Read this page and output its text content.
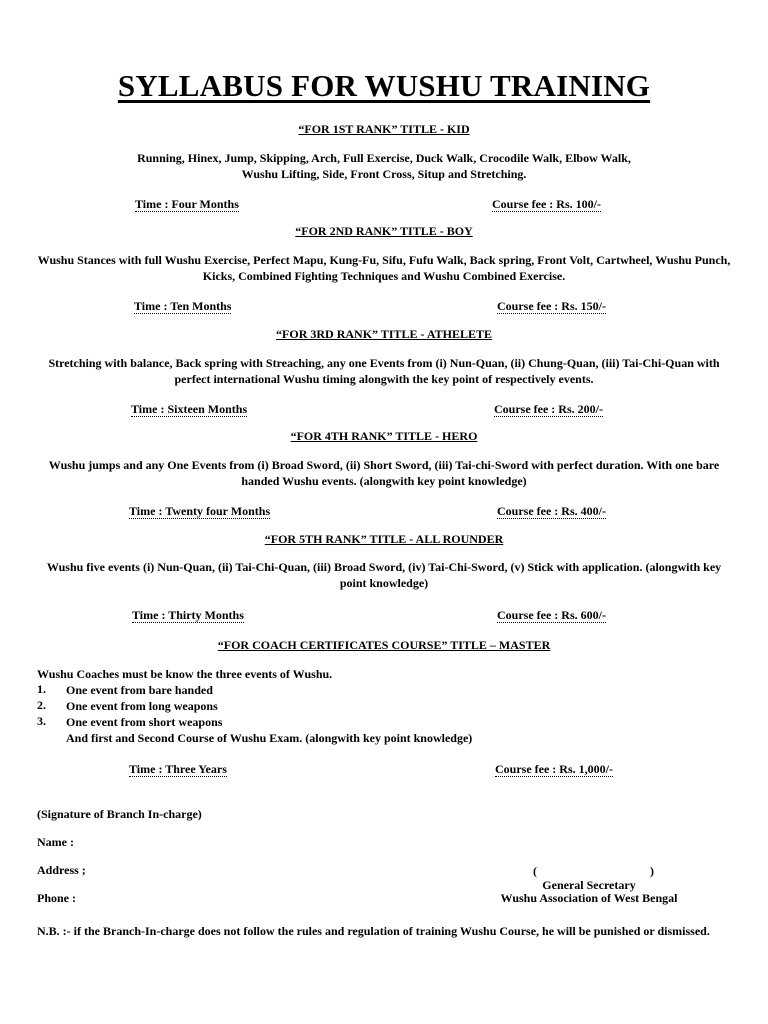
SYLLABUS FOR WUSHU TRAINING
“FOR 1ST RANK” TITLE - KID
Running, Hinex, Jump, Skipping, Arch, Full Exercise, Duck Walk, Crocodile Walk, Elbow Walk, Wushu Lifting, Side, Front Cross, Situp and Stretching.
Time : Four Months	Course fee : Rs. 100/-
“FOR 2ND RANK” TITLE - BOY
Wushu Stances with full Wushu Exercise, Perfect Mapu, Kung-Fu, Sifu, Fufu Walk, Back spring, Front Volt, Cartwheel, Wushu Punch, Kicks, Combined Fighting Techniques and Wushu Combined Exercise.
Time : Ten Months	Course fee : Rs. 150/-
“FOR 3RD RANK” TITLE - ATHELETE
Stretching with balance, Back spring with Streaching, any one Events from (i) Nun-Quan, (ii) Chung-Quan, (iii) Tai-Chi-Quan with perfect international Wushu timing alongwith the key point of respectively events.
Time : Sixteen Months	Course fee : Rs. 200/-
“FOR 4TH RANK” TITLE - HERO
Wushu jumps and any One Events from (i) Broad Sword, (ii) Short Sword, (iii) Tai-chi-Sword with perfect duration. With one bare handed Wushu events. (alongwith key point knowledge)
Time : Twenty four Months	Course fee : Rs. 400/-
“FOR 5TH RANK” TITLE - ALL ROUNDER
Wushu five events (i) Nun-Quan, (ii) Tai-Chi-Quan, (iii) Broad Sword, (iv) Tai-Chi-Sword, (v) Stick with application. (alongwith key point knowledge)
Time : Thirty Months	Course fee : Rs. 600/-
“FOR COACH CERTIFICATES COURSE” TITLE – MASTER
Wushu Coaches must be know the three events of Wushu.
1. One event from bare handed
2. One event from long weapons
3. One event from short weapons
And first and Second Course of Wushu Exam. (alongwith key point knowledge)
Time : Three Years	Course fee : Rs. 1,000/-
(Signature of Branch In-charge)
Name :
Address ;
Phone :
(	)
General Secretary
Wushu Association of West Bengal
N.B. :- if the Branch-In-charge does not follow the rules and regulation of training Wushu Course, he will be punished or dismissed.
